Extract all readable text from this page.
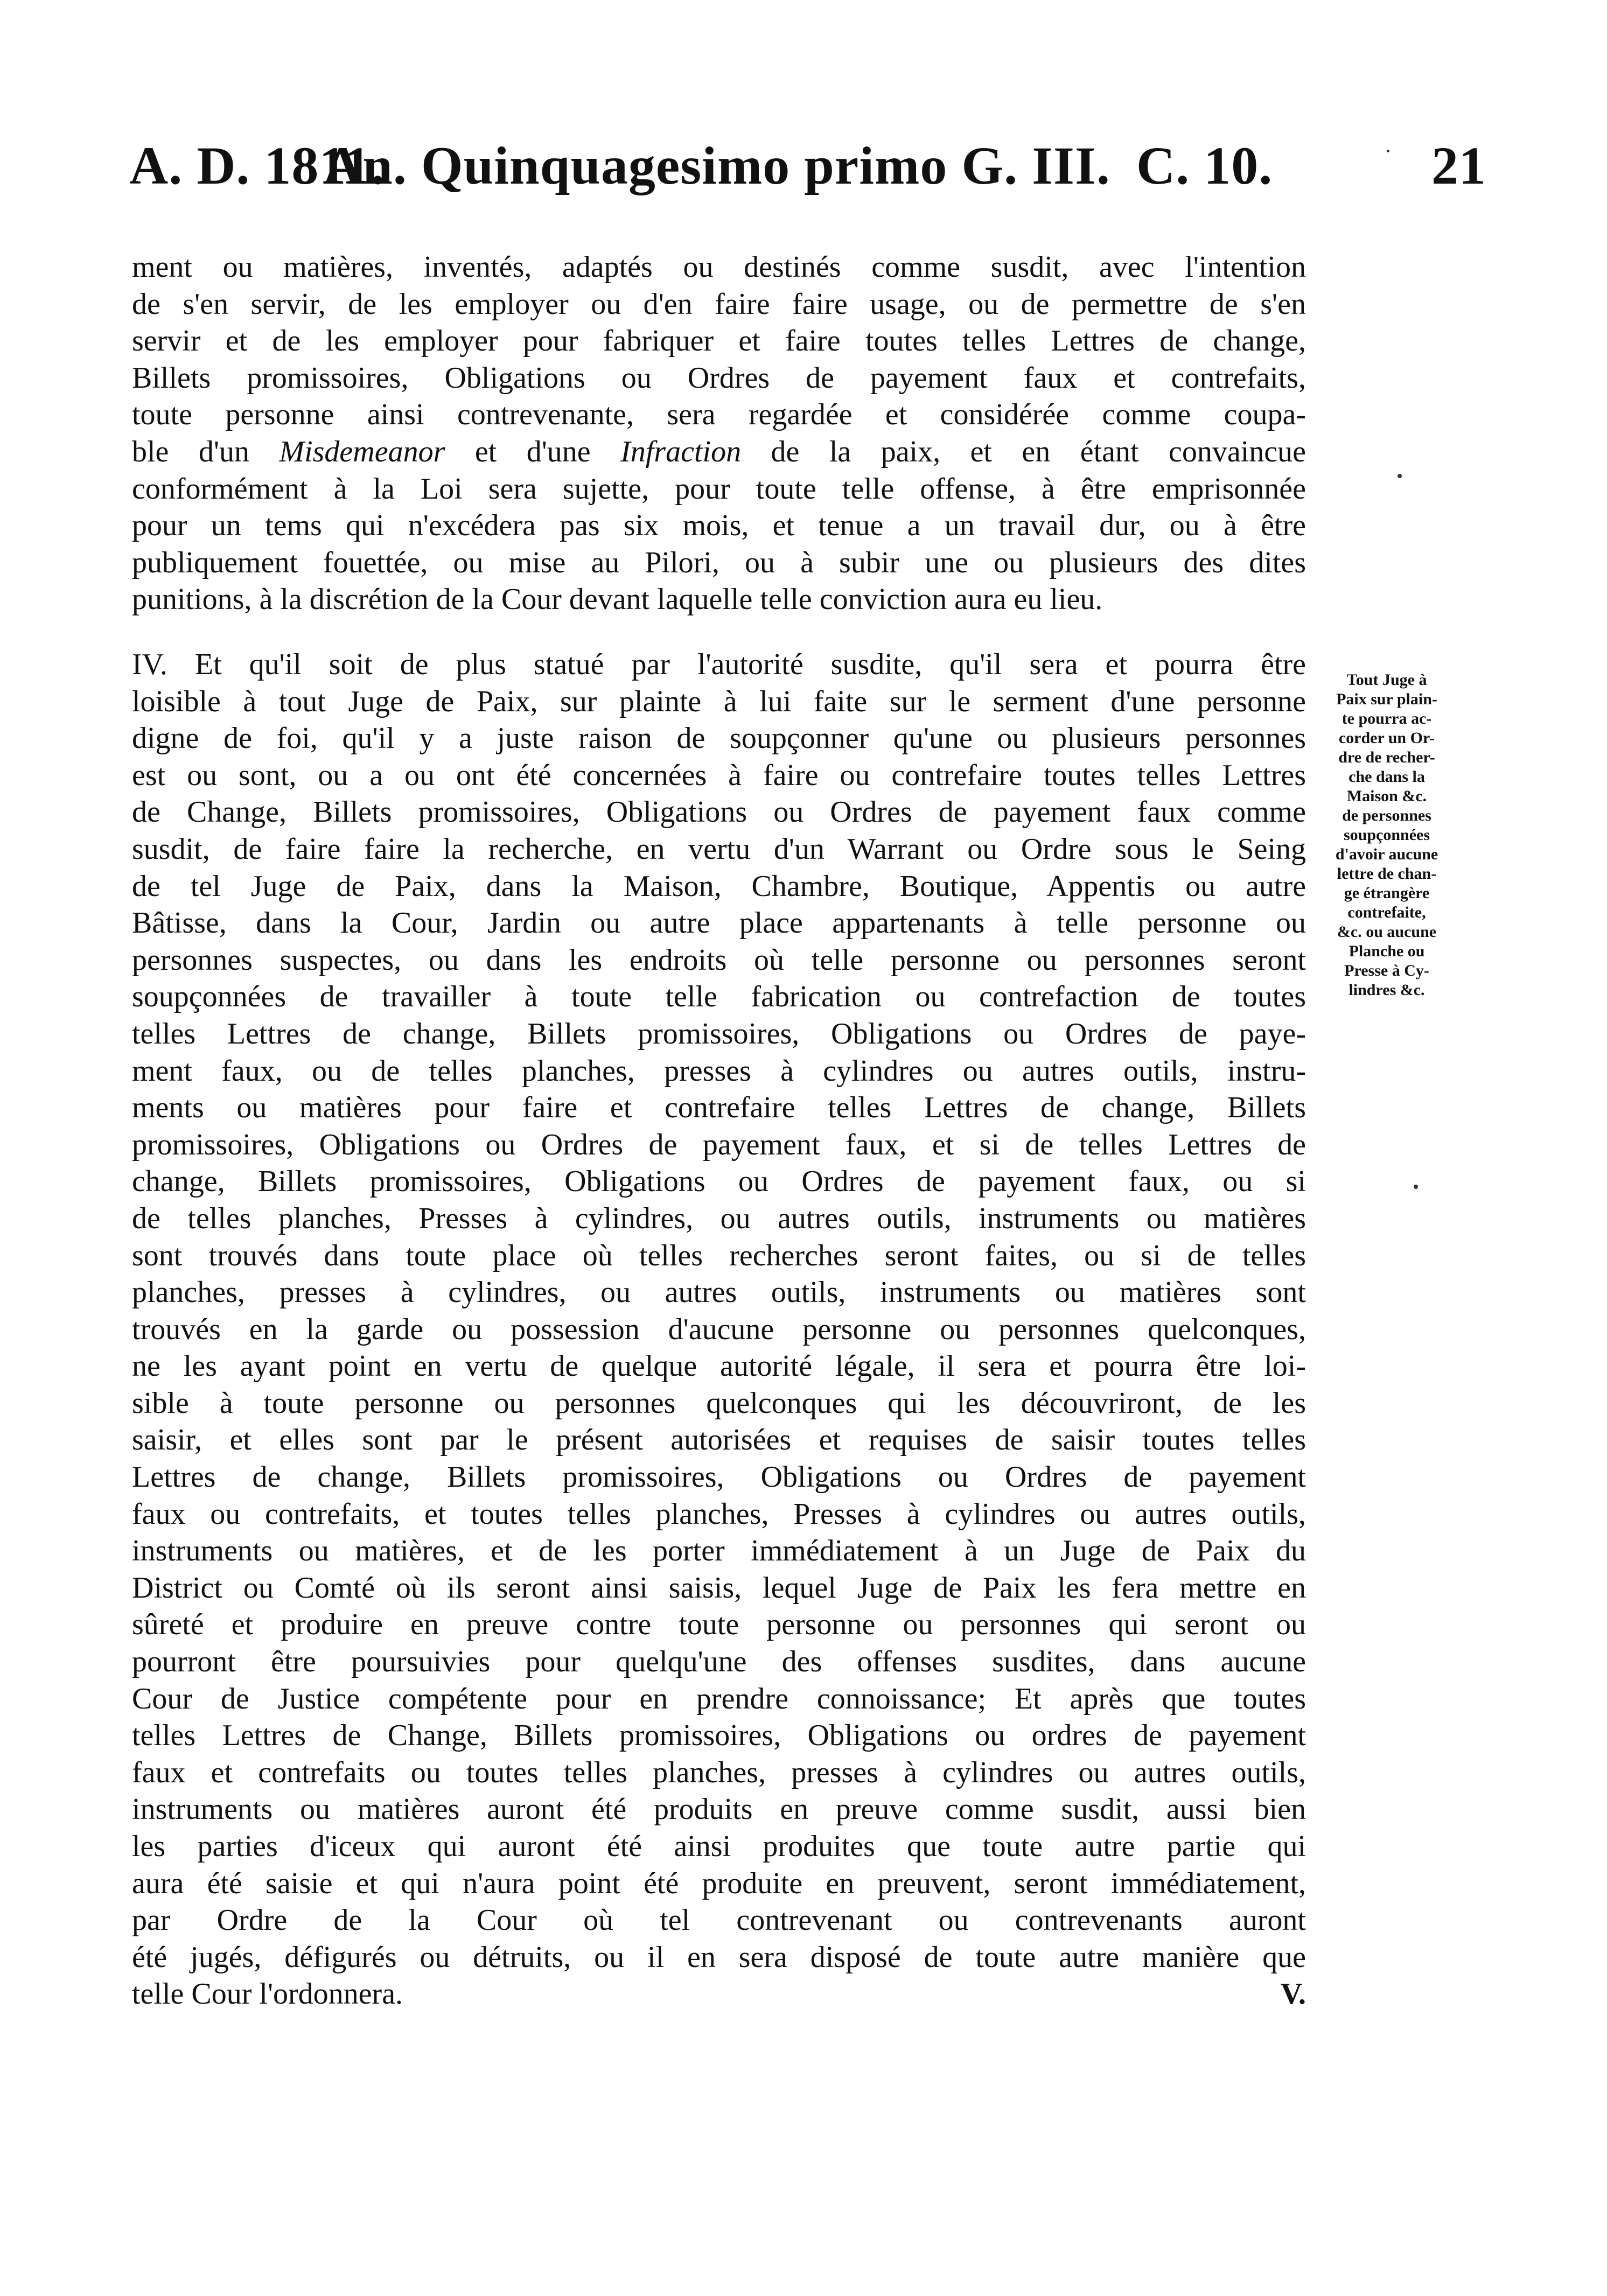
A. D. 1811.
An. Quinquagesimo primo G. III. C. 10.	21
ment ou matières, inventés, adaptés ou destinés comme susdit, avec l'intention
de s'en servir, de les employer ou d'en faire faire usage, ou de permettre de s'en
servir et de les employer pour fabriquer et faire toutes telles Lettres de change,
Billets promissoires, Obligations ou Ordres de payement faux et contrefaits,
toute personne ainsi contrevenante, sera regardée et considérée comme coupa-
ble d'un Misdemeanor et d'une Infraction de la paix, et en étant convaincue
conformément à la Loi sera sujette, pour toute telle offense, à être emprisonnée
pour un tems qui n'excédera pas six mois, et tenue a un travail dur, ou à être
publiquement fouettée, ou mise au Pilori, ou à subir une ou plusieurs des dites
punitions, à la discrétion de la Cour devant laquelle telle conviction aura eu lieu.
IV. Et qu'il soit de plus statué par l'autorité susdite, qu'il sera et pourra être
loisible à tout Juge de Paix, sur plainte à lui faite sur le serment d'une personne
digne de foi, qu'il y a juste raison de soupçonner qu'une ou plusieurs personnes
est ou sont, ou a ou ont été concernées à faire ou contrefaire toutes telles Lettres
de Change, Billets promissoires, Obligations ou Ordres de payement faux comme
susdit, de faire faire la recherche, en vertu d'un Warrant ou Ordre sous le Seing
de tel Juge de Paix, dans la Maison, Chambre, Boutique, Appentis ou autre
Bâtisse, dans la Cour, Jardin ou autre place appartenants à telle personne ou
personnes suspectes, ou dans les endroits où telle personne ou personnes seront
soupçonnées de travailler à toute telle fabrication ou contrefaction de toutes
telles Lettres de change, Billets promissoires, Obligations ou Ordres de paye-
ment faux, ou de telles planches, presses à cylindres ou autres outils, instru-
ments ou matières pour faire et contrefaire telles Lettres de change, Billets
promissoires, Obligations ou Ordres de payement faux, et si de telles Lettres de
change, Billets promissoires, Obligations ou Ordres de payement faux, ou si
de telles planches, Presses à cylindres, ou autres outils, instruments ou matières
sont trouvés dans toute place où telles recherches seront faites, ou si de telles
planches, presses à cylindres, ou autres outils, instruments ou matières sont
trouvés en la garde ou possession d'aucune personne ou personnes quelconques,
ne les ayant point en vertu de quelque autorité légale, il sera et pourra être loi-
sible à toute personne ou personnes quelconques qui les découvriront, de les
saisir, et elles sont par le présent autorisées et requises de saisir toutes telles
Lettres de change, Billets promissoires, Obligations ou Ordres de payement
faux ou contrefaits, et toutes telles planches, Presses à cylindres ou autres outils,
instruments ou matières, et de les porter immédiatement à un Juge de Paix du
District ou Comté où ils seront ainsi saisis, lequel Juge de Paix les fera mettre en
sûreté et produire en preuve contre toute personne ou personnes qui seront ou
pourront être poursuivies pour quelqu'une des offenses susdites, dans aucune
Cour de Justice compétente pour en prendre connoissance; Et après que toutes
telles Lettres de Change, Billets promissoires, Obligations ou ordres de payement
faux et contrefaits ou toutes telles planches, presses à cylindres ou autres outils,
instruments ou matières auront été produits en preuve comme susdit, aussi bien
les parties d'iceux qui auront été ainsi produites que toute autre partie qui
aura été saisie et qui n'aura point été produite en preuvent, seront immédiatement,
par Ordre de la Cour où tel contrevenant ou contrevenants auront
été jugés, défigurés ou détruits, ou il en sera disposé de toute autre manière que
telle Cour l'ordonnera.	V.
Tout Juge à
Paix sur plain-
te pourra ac-
corder un Or-
dre de recher-
che dans la
Maison &c.
de personnes
soupçonnées
d'avoir aucune
lettre de chan-
ge étrangère
contrefaite,
&c. ou aucune
Planche ou
Presse à Cy-
lindres &c.
